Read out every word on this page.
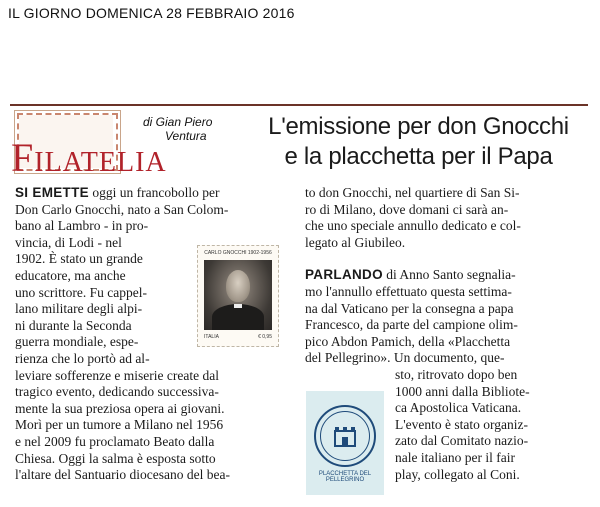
IL GIORNO DOMENICA 28 FEBBRAIO 2016
FILATELIA
di Gian Piero
Ventura	L'emissione per don Gnocchi
e la placchetta per il Papa
SI EMETTE oggi un francobollo per
Don Carlo Gnocchi, nato a San Colom-
bano al Lambro - in pro-
vincia, di Lodi - nel
1902. È stato un grande
educatore, ma anche
uno scrittore. Fu cappel-
lano militare degli alpi-
ni durante la Seconda
guerra mondiale, espe-
rienza che lo portò ad al-
leviare sofferenze e miserie create dal
tragico evento, dedicando successiva-
mente la sua preziosa opera ai giovani.
Morì per un tumore a Milano nel 1956
e nel 2009 fu proclamato Beato dalla
Chiesa. Oggi la salma è esposta sotto
l'altare del Santuario diocesano del bea-
CARLO GNOCCHI 1902-1956
ITALIA	€ 0,95
to don Gnocchi, nel quartiere di San Si-
ro di Milano, dove domani ci sarà an-
che uno speciale annullo dedicato e col-
legato al Giubileo.
PARLANDO di Anno Santo segnalia-
mo l'annullo effettuato questa settima-
na dal Vaticano per la consegna a papa
Francesco, da parte del campione olim-
pico Abdon Pamich, della «Placchetta
del Pellegrino». Un documento, que-
sto, ritrovato dopo ben
1000 anni dalla Bibliote-
ca Apostolica Vaticana.
L'evento è stato organiz-
zato dal Comitato nazio-
nale italiano per il fair
play, collegato al Coni.
PLACCHETTA DEL PELLEGRINO
